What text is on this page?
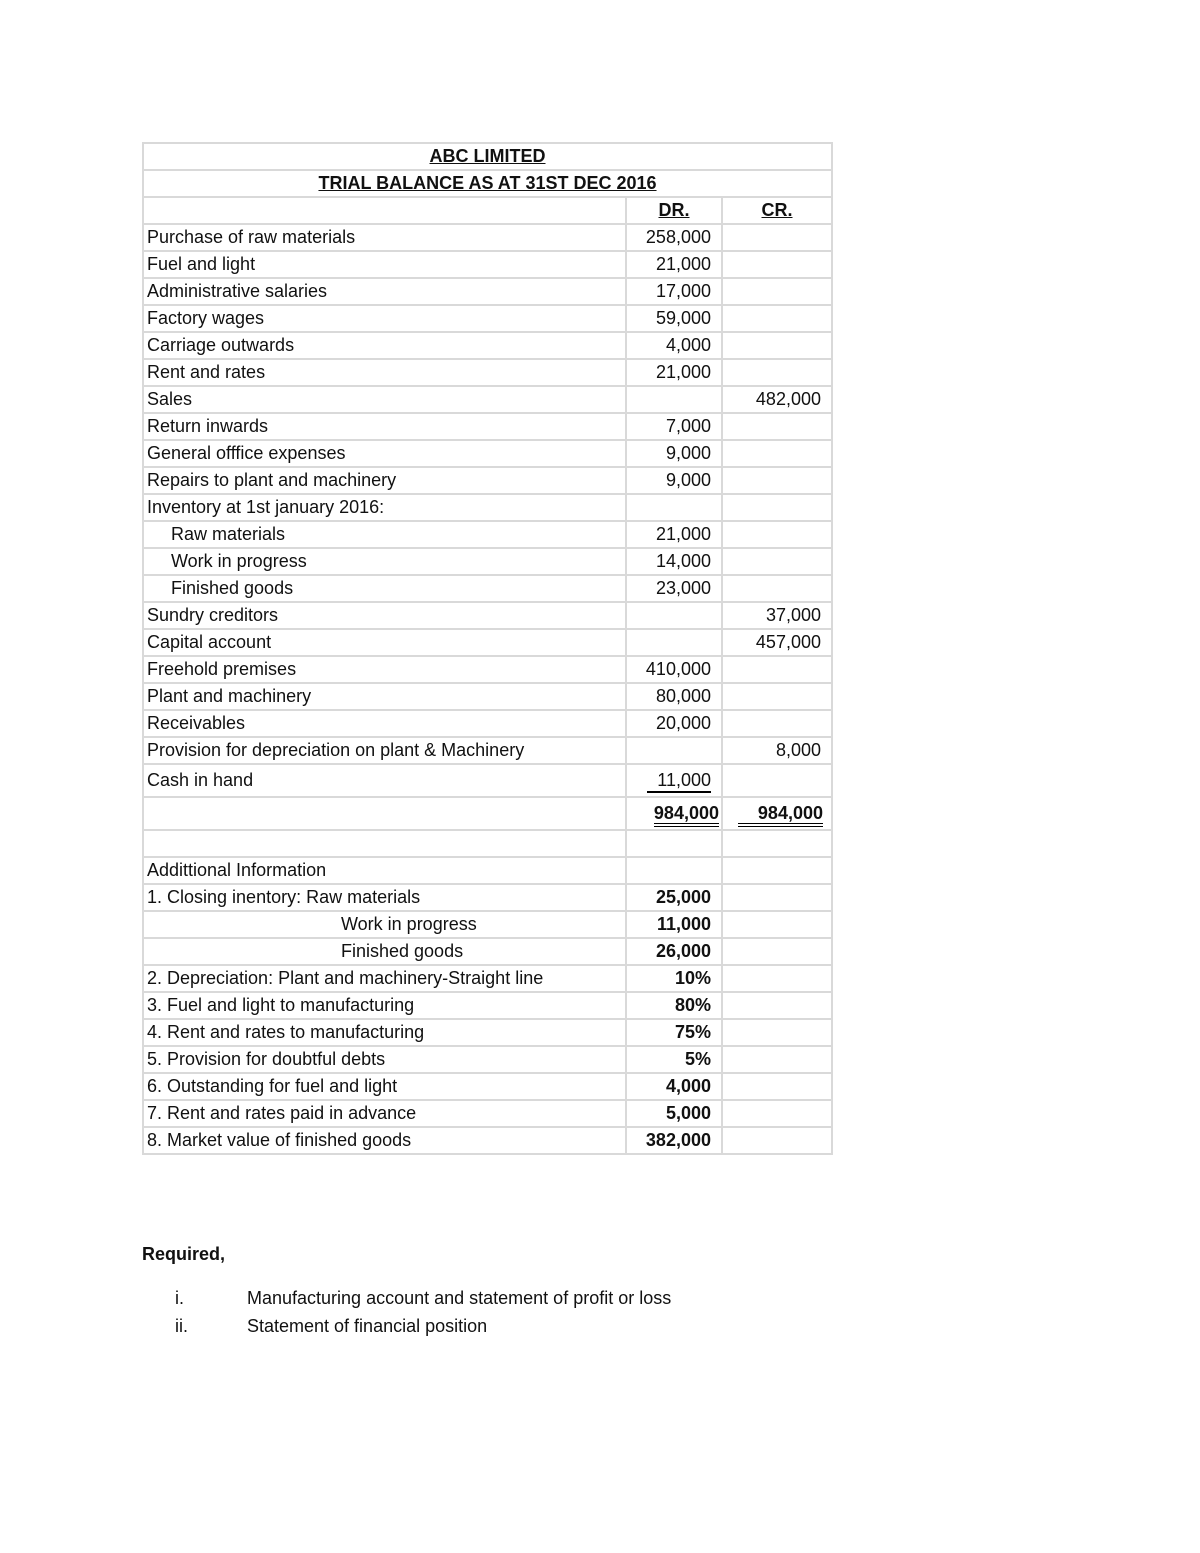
ABC LIMITED		
TRIAL BALANCE AS AT 31ST DEC 2016		
	DR.	CR.
Purchase of raw materials	258,000	
Fuel and light	21,000	
Administrative salaries	17,000	
Factory wages	59,000	
Carriage outwards	4,000	
Rent and rates	21,000	
Sales		482,000
Return inwards	7,000	
General offfice expenses	9,000	
Repairs to plant and machinery	9,000	
Inventory at 1st january 2016:		
Raw materials	21,000	
Work in progress	14,000	
Finished goods	23,000	
Sundry creditors		37,000
Capital account		457,000
Freehold premises	410,000	
Plant and machinery	80,000	
Receivables	20,000	
Provision for depreciation on plant & Machinery		8,000
Cash in hand	11,000	
	984,000	984,000

Addittional Information		
1. Closing inentory: Raw materials	25,000	
Work in progress	11,000	
Finished goods	26,000	
2. Depreciation: Plant and machinery-Straight line	10%	
3. Fuel and light to manufacturing	80%	
4. Rent and rates to manufacturing	75%	
5. Provision for doubtful debts	5%	
6. Outstanding for fuel and light	4,000	
7. Rent and rates paid in advance	5,000	
8. Market value of finished goods	382,000	
Required,
i.	Manufacturing account and statement of profit or loss
ii.	Statement of financial position
